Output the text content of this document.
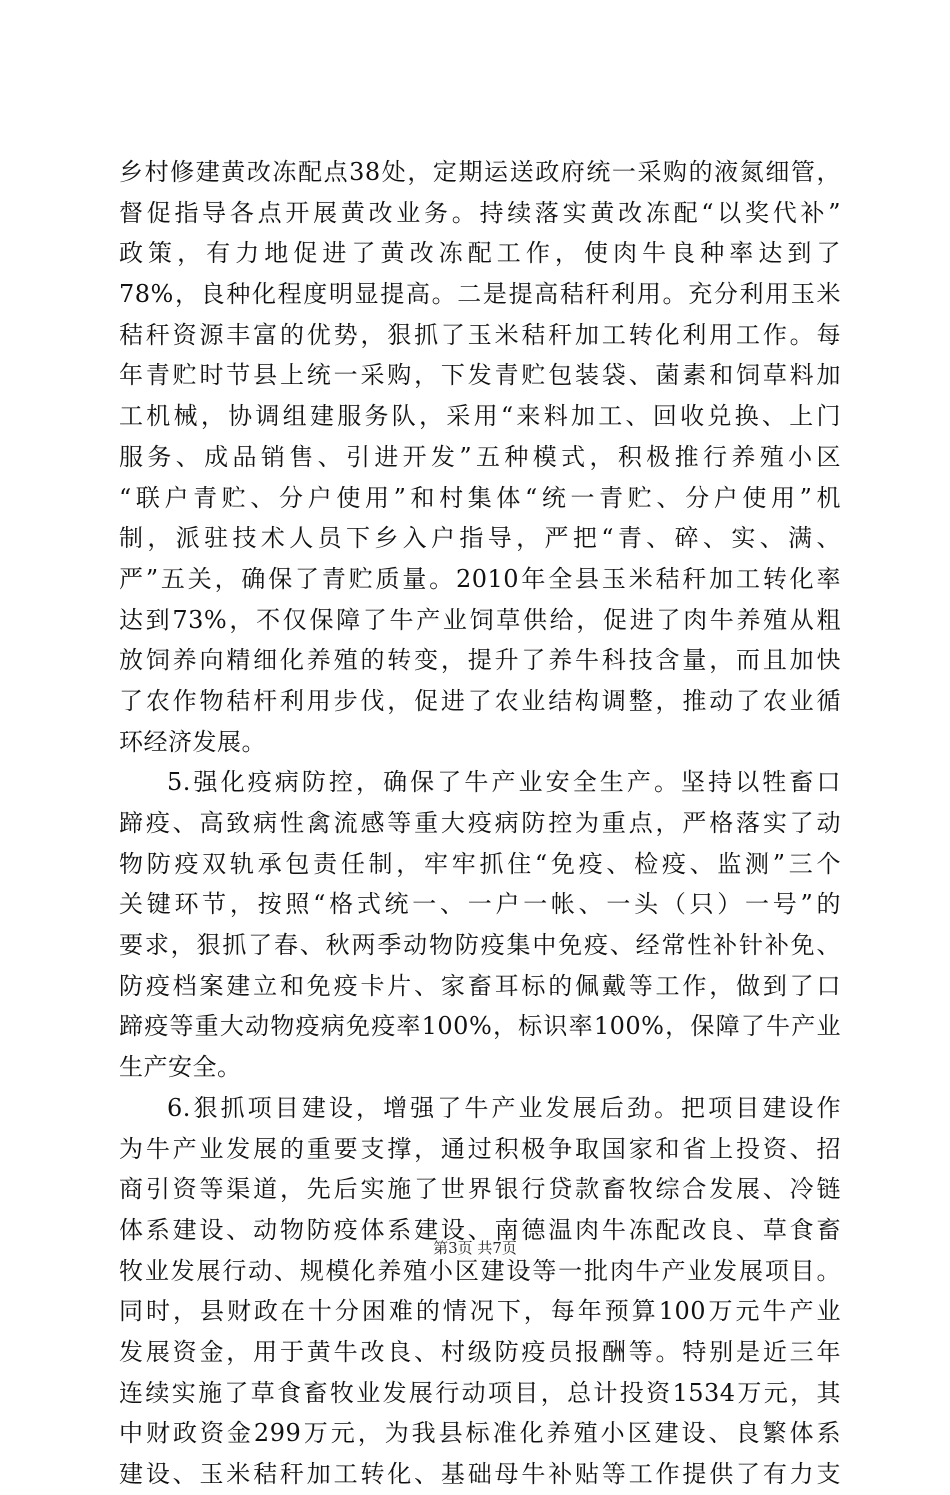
乡村修建黄改冻配点38处，定期运送政府统一采购的液氮细管，
督促指导各点开展黄改业务。持续落实黄改冻配“以奖代补”
政策，有力地促进了黄改冻配工作，使肉牛良种率达到了
78%，良种化程度明显提高。二是提高秸秆利用。充分利用玉米
秸秆资源丰富的优势，狠抓了玉米秸秆加工转化利用工作。每
年青贮时节县上统一采购，下发青贮包装袋、菌素和饲草料加
工机械，协调组建服务队，采用“来料加工、回收兑换、上门
服务、成品销售、引进开发”五种模式，积极推行养殖小区
“联户青贮、分户使用”和村集体“统一青贮、分户使用”机
制，派驻技术人员下乡入户指导，严把“青、碎、实、满、
严”五关，确保了青贮质量。2010年全县玉米秸秆加工转化率
达到73%，不仅保障了牛产业饲草供给，促进了肉牛养殖从粗
放饲养向精细化养殖的转变，提升了养牛科技含量，而且加快
了农作物秸杆利用步伐，促进了农业结构调整，推动了农业循
环经济发展。
5.强化疫病防控，确保了牛产业安全生产。坚持以牲畜口
蹄疫、高致病性禽流感等重大疫病防控为重点，严格落实了动
物防疫双轨承包责任制，牢牢抓住“免疫、检疫、监测”三个
关键环节，按照“格式统一、一户一帐、一头（只）一号”的
要求，狠抓了春、秋两季动物防疫集中免疫、经常性补针补免、
防疫档案建立和免疫卡片、家畜耳标的佩戴等工作，做到了口
蹄疫等重大动物疫病免疫率100%，标识率100%，保障了牛产业
生产安全。
6.狠抓项目建设，增强了牛产业发展后劲。把项目建设作
为牛产业发展的重要支撑，通过积极争取国家和省上投资、招
商引资等渠道，先后实施了世界银行贷款畜牧综合发展、冷链
体系建设、动物防疫体系建设、南德温肉牛冻配改良、草食畜
牧业发展行动、规模化养殖小区建设等一批肉牛产业发展项目。
同时，县财政在十分困难的情况下，每年预算100万元牛产业
发展资金，用于黄牛改良、村级防疫员报酬等。特别是近三年
连续实施了草食畜牧业发展行动项目，总计投资1534万元，其
中财政资金299万元，为我县标准化养殖小区建设、良繁体系
建设、玉米秸秆加工转化、基础母牛补贴等工作提供了有力支
第3页 共7页
